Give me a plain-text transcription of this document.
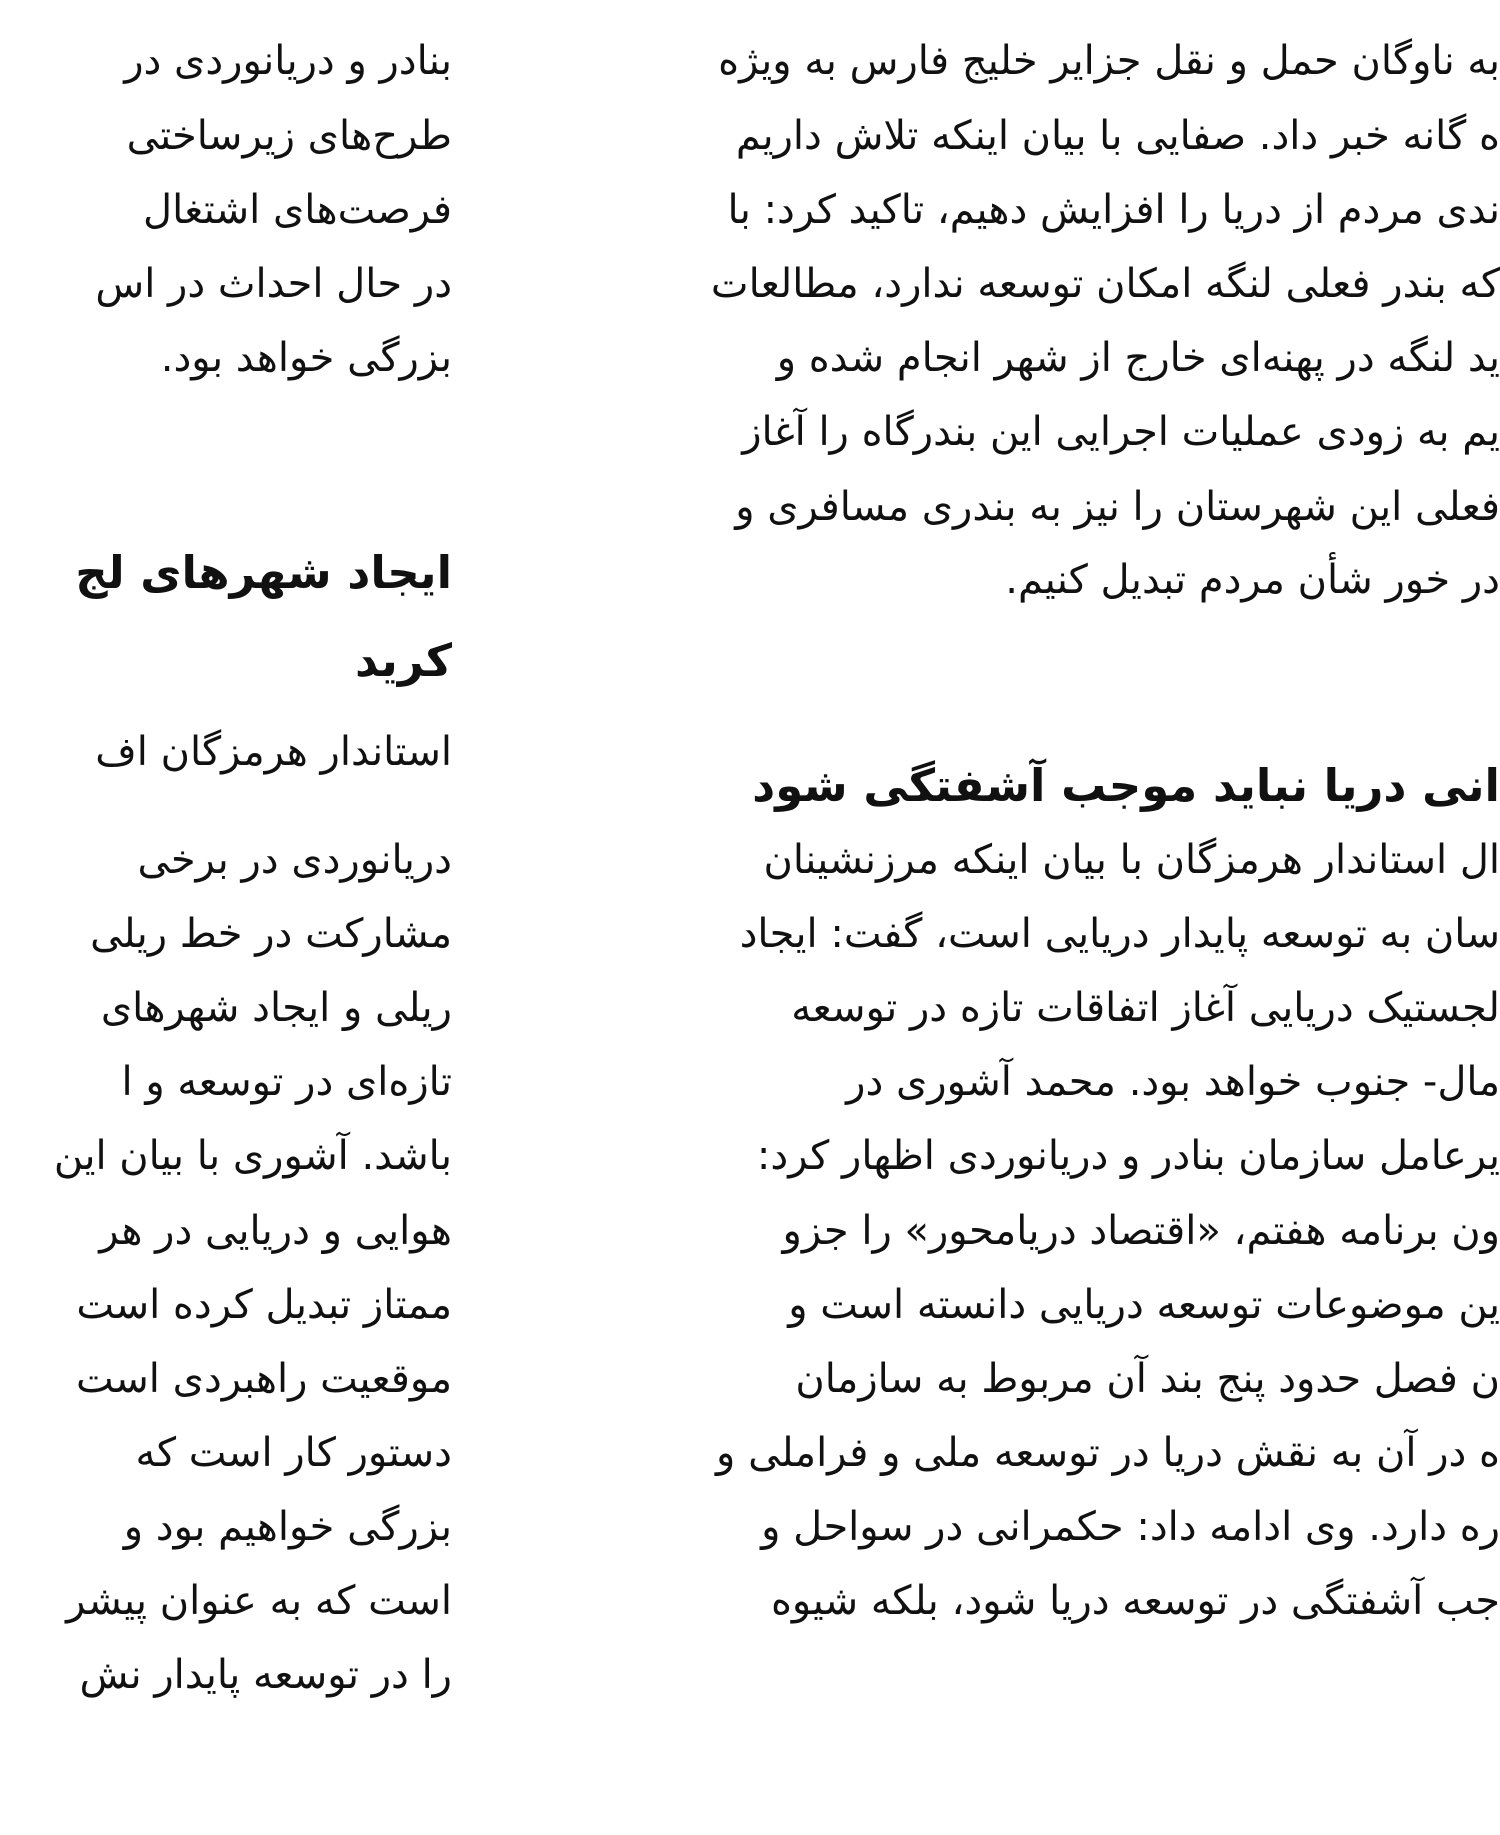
به ناوگان حمل و نقل جزایر خلیج فارس به ویژه
ه گانه خبر داد. صفایی با بیان اینکه تلاش داریم
ندی مردم از دریا را افزایش دهیم، تاکید کرد: با
که بندر فعلی لنگه امکان توسعه ندارد، مطالعات
ید لنگه در پهنه‌ای خارج از شهر انجام شده و
یم به زودی عملیات اجرایی این بندرگاه را آغاز
فعلی این شهرستان را نیز به بندری مسافری و
در خور شأن مردم تبدیل کنیم.
انی دریا نباید موجب آشفتگی شود
ال استاندار هرمزگان با بیان اینکه مرزنشینان
سان به توسعه پایدار دریایی است، گفت: ایجاد
لجستیک دریایی آغاز اتفاقات تازه در توسعه
مال- جنوب خواهد بود. محمد آشوری در
یرعامل سازمان بنادر و دریانوردی اظهار کرد:
ون برنامه هفتم، «اقتصاد دریامحور» را جزو
ین موضوعات توسعه دریایی دانسته است و
ن فصل حدود پنج بند آن مربوط به سازمان
ه در آن به نقش دریا در توسعه ملی و فراملی و
ره دارد. وی ادامه داد: حکمرانی در سواحل و
جب آشفتگی در توسعه دریا شود، بلکه شیوه
بنادر و دریانوردی در
طرح‌های زیرساختی
فرصت‌های اشتغال
در حال احداث در اس
بزرگی خواهد بود.
ایجاد شهرهای لج
کرید
استاندار هرمزگان اف
دریانوردی در برخی
مشارکت در خط ریلی
ریلی و ایجاد شهرهای
تازه‌ای در توسعه و ا
باشد. آشوری با بیان این
هوایی و دریایی در هر
ممتاز تبدیل کرده است
موقعیت راهبردی است
دستور کار است که
بزرگی خواهیم بود و
است که به عنوان پیشر
را در توسعه پایدار نش
